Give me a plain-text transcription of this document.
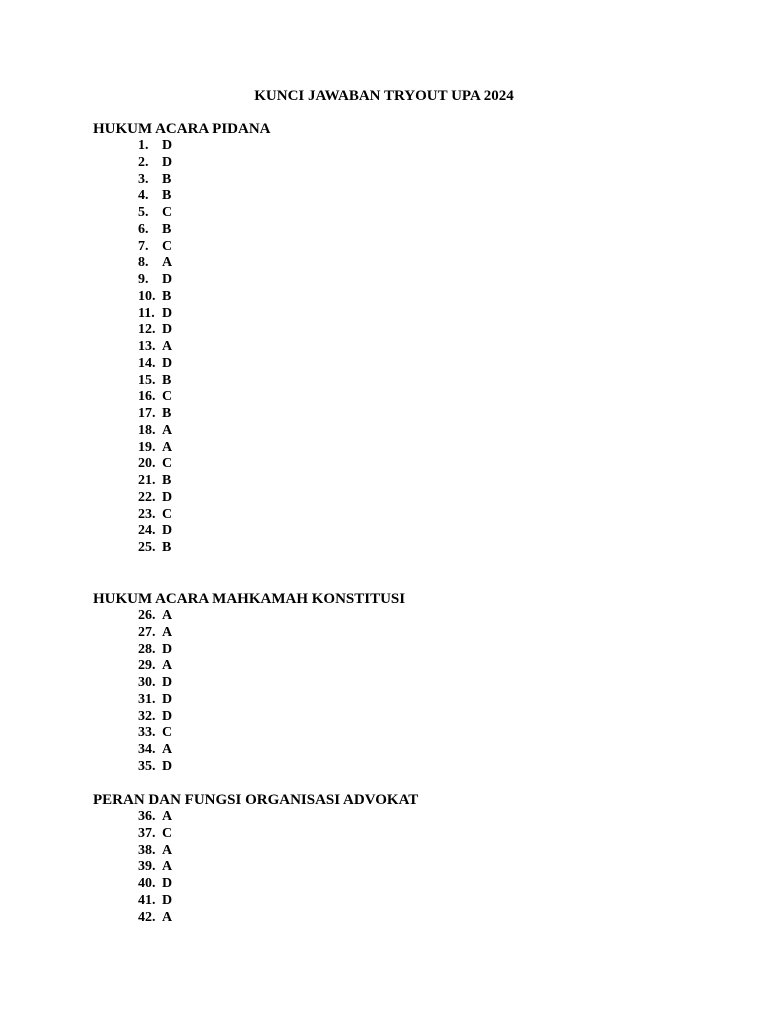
KUNCI JAWABAN TRYOUT UPA 2024
HUKUM ACARA PIDANA
1. D
2. D
3. B
4. B
5. C
6. B
7. C
8. A
9. D
10. B
11. D
12. D
13. A
14. D
15. B
16. C
17. B
18. A
19. A
20. C
21. B
22. D
23. C
24. D
25. B
HUKUM ACARA MAHKAMAH KONSTITUSI
26. A
27. A
28. D
29. A
30. D
31. D
32. D
33. C
34. A
35. D
PERAN DAN FUNGSI ORGANISASI ADVOKAT
36. A
37. C
38. A
39. A
40. D
41. D
42. A
